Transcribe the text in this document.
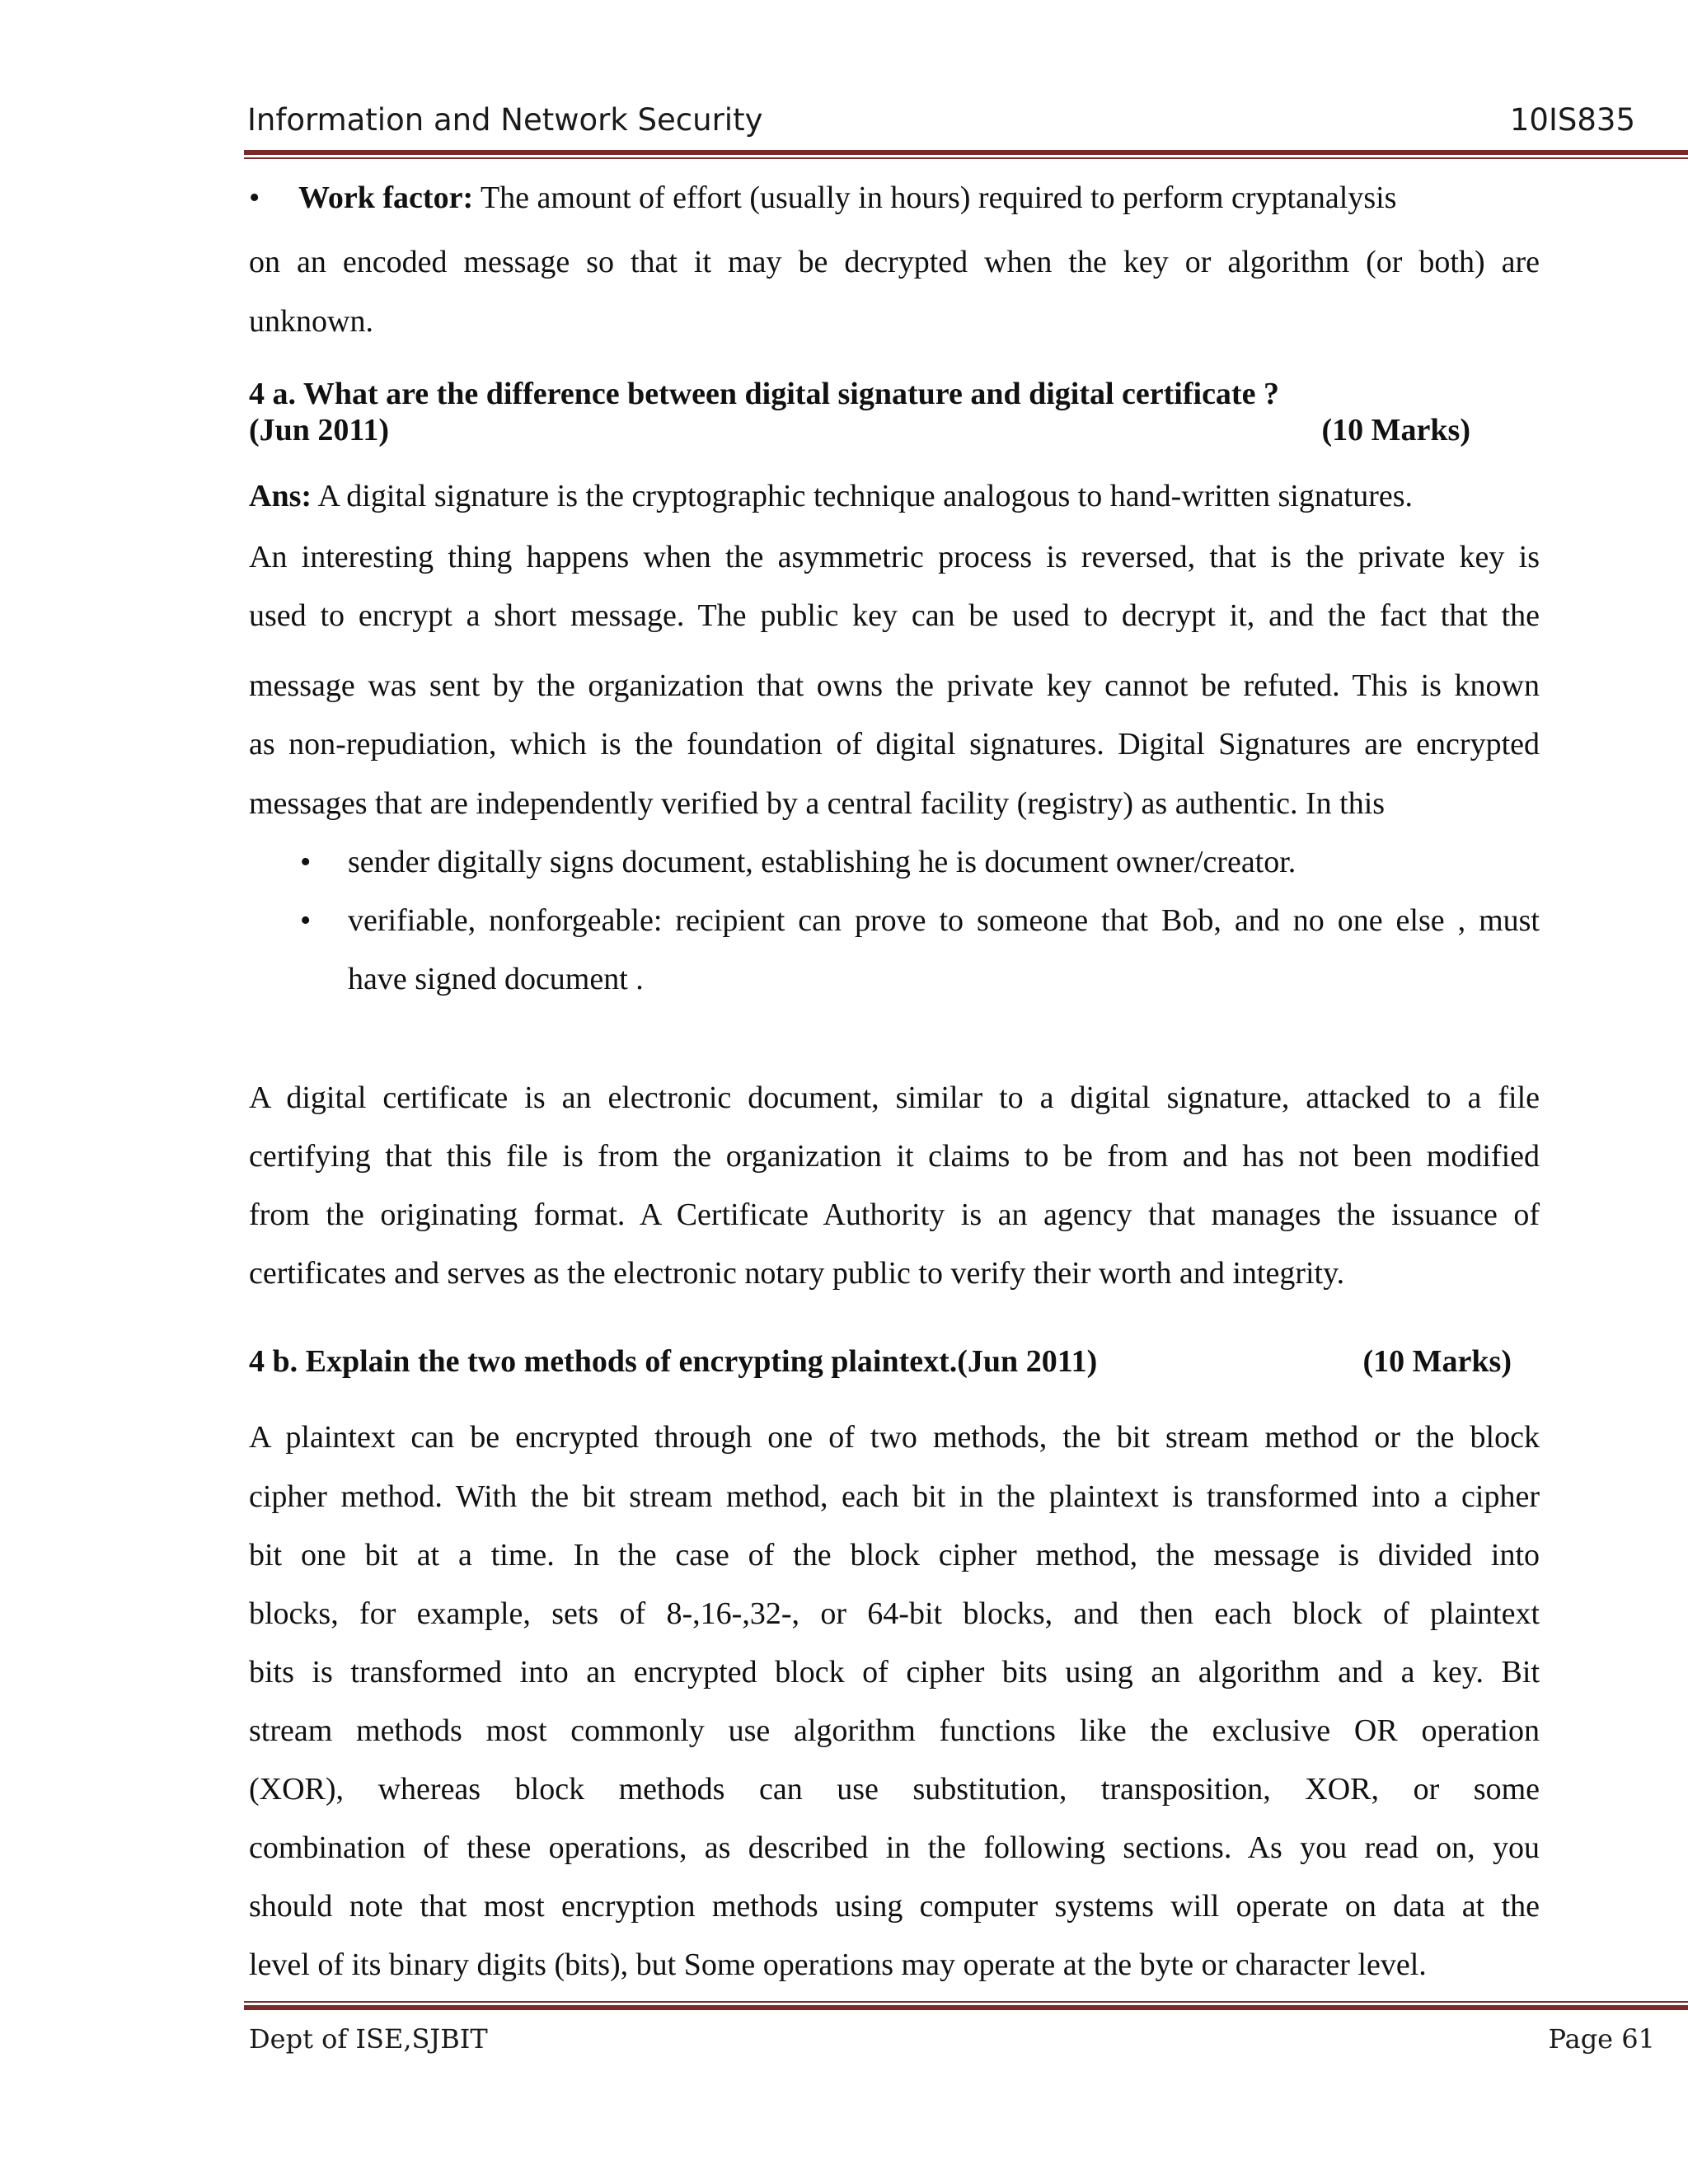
Information and Network Security	10IS835
• Work factor: The amount of effort (usually in hours) required to perform cryptanalysis
on an encoded message so that it may be decrypted when the key or algorithm (or both) are
unknown.
4 a. What are the difference between digital signature and digital certificate ?
(Jun 2011)	(10 Marks)
Ans: A digital signature is the cryptographic technique analogous to hand-written signatures.
An interesting thing happens when the asymmetric process is reversed, that is the private key is
used to encrypt a short message. The public key can be used to decrypt it, and the fact that the
message was sent by the organization that owns the private key cannot be refuted. This is known
as non-repudiation, which is the foundation of digital signatures. Digital Signatures are encrypted
messages that are independently verified by a central facility (registry) as authentic. In this
• sender digitally signs document, establishing he is document owner/creator.
• verifiable, nonforgeable: recipient can prove to someone that Bob, and no one else , must
have signed document .
A digital certificate is an electronic document, similar to a digital signature, attacked to a file
certifying that this file is from the organization it claims to be from and has not been modified
from the originating format. A Certificate Authority is an agency that manages the issuance of
certificates and serves as the electronic notary public to verify their worth and integrity.
4 b. Explain the two methods of encrypting plaintext.(Jun 2011)	(10 Marks)
A plaintext can be encrypted through one of two methods, the bit stream method or the block
cipher method. With the bit stream method, each bit in the plaintext is transformed into a cipher
bit one bit at a time. In the case of the block cipher method, the message is divided into
blocks, for example, sets of 8-,16-,32-, or 64-bit blocks, and then each block of plaintext
bits is transformed into an encrypted block of cipher bits using an algorithm and a key. Bit
stream methods most commonly use algorithm functions like the exclusive OR operation
(XOR), whereas block methods can use substitution, transposition, XOR, or some
combination of these operations, as described in the following sections. As you read on, you
should note that most encryption methods using computer systems will operate on data at the
level of its binary digits (bits), but Some operations may operate at the byte or character level.
Dept of ISE,SJBIT	Page 61
